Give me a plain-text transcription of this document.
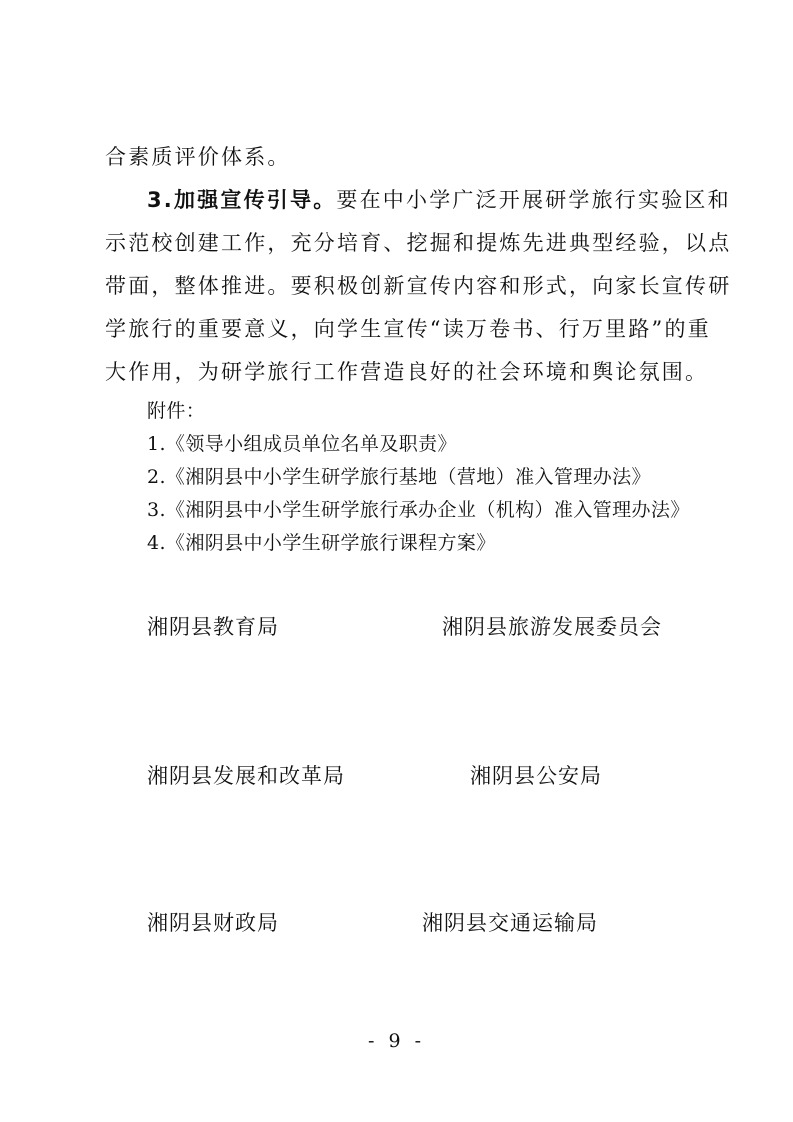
合素质评价体系。
3.加强宣传引导。要在中小学广泛开展研学旅行实验区和
示范校创建工作，充分培育、挖掘和提炼先进典型经验，以点
带面，整体推进。要积极创新宣传内容和形式，向家长宣传研
学旅行的重要意义，向学生宣传“读万卷书、行万里路”的重
大作用，为研学旅行工作营造良好的社会环境和舆论氛围。
附件：
1.《领导小组成员单位名单及职责》
2.《湘阴县中小学生研学旅行基地（营地）准入管理办法》
3.《湘阴县中小学生研学旅行承办企业（机构）准入管理办法》
4.《湘阴县中小学生研学旅行课程方案》
湘阴县教育局	湘阴县旅游发展委员会
湘阴县发展和改革局	湘阴县公安局
湘阴县财政局	湘阴县交通运输局
- 9 -
